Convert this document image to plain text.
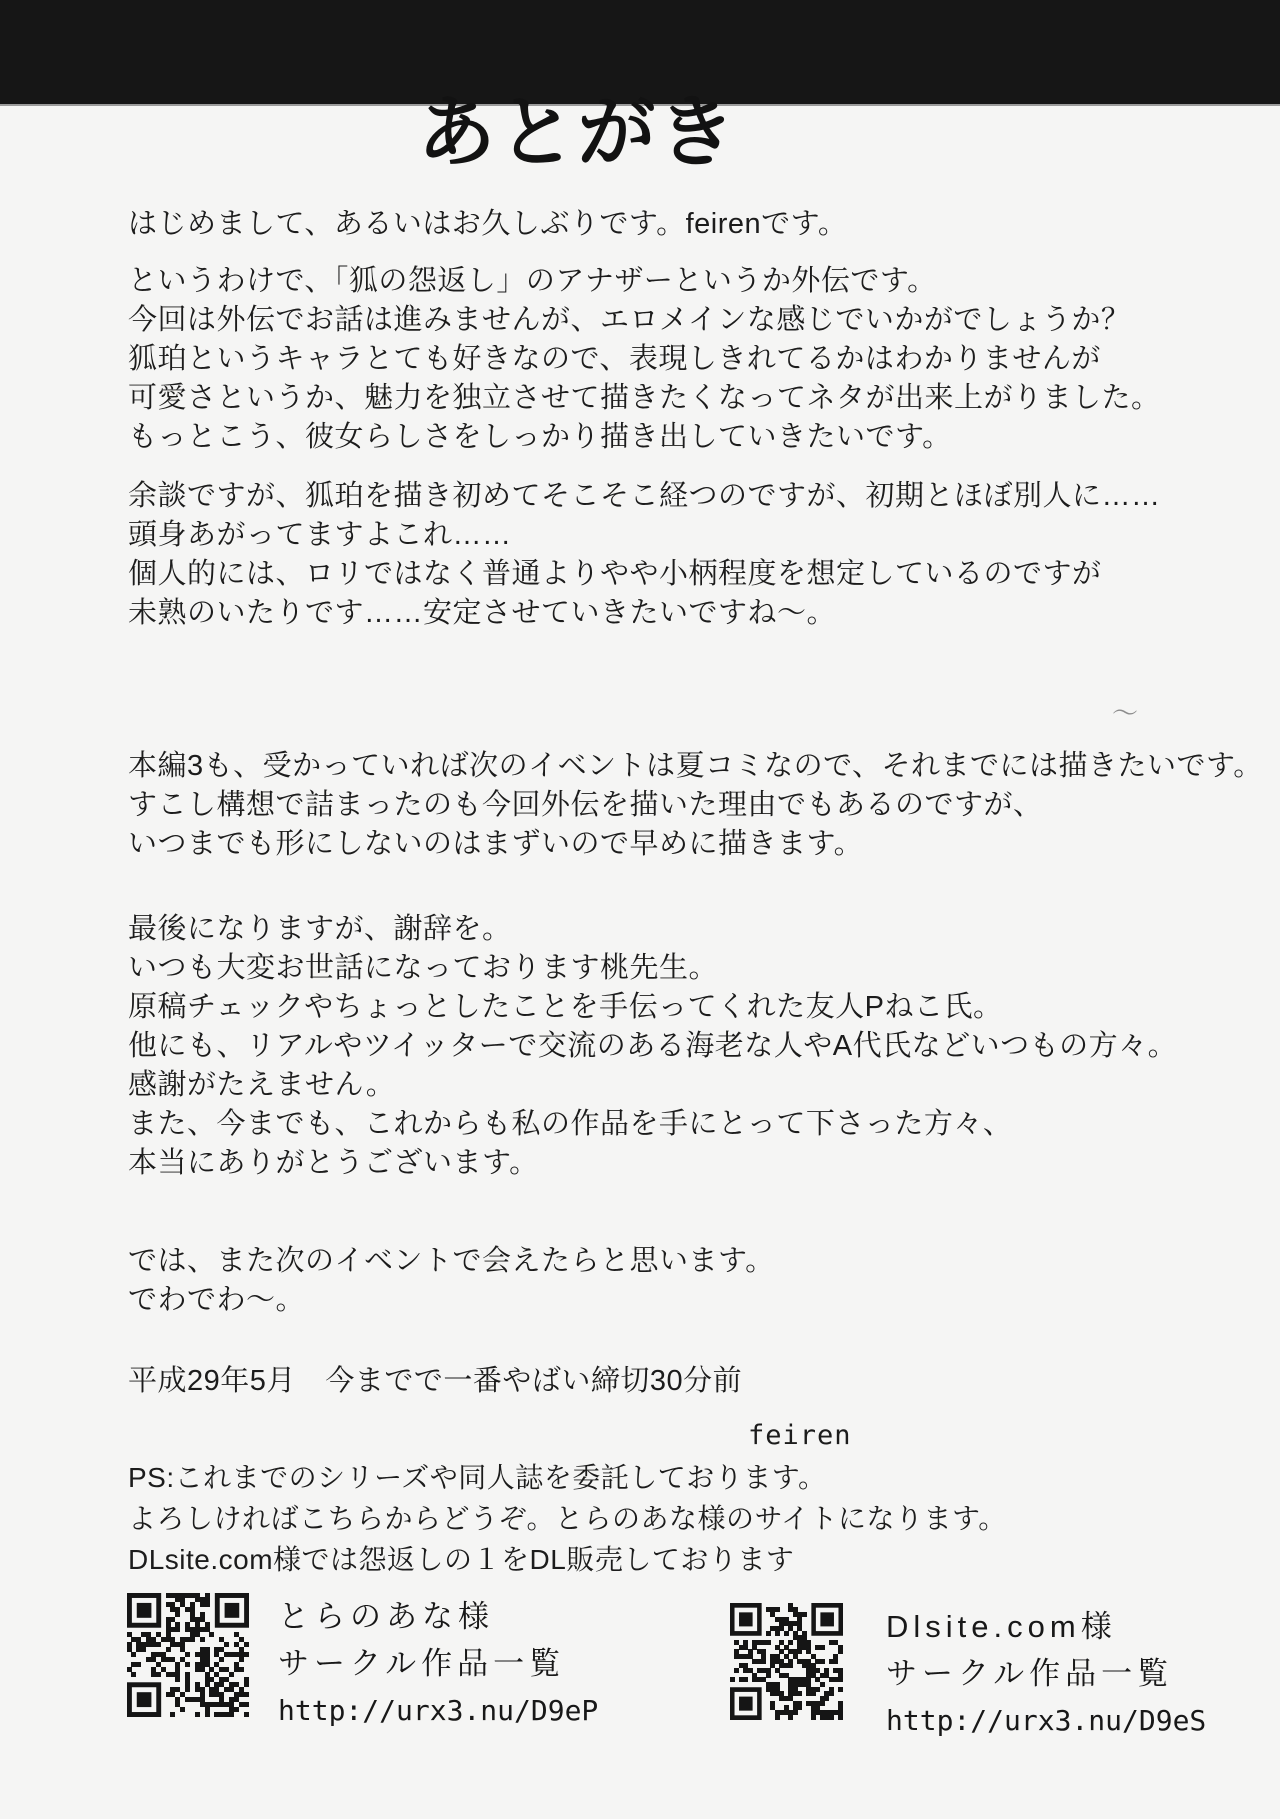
あとがき
はじめまして、あるいはお久しぶりです。feirenです。
というわけで、「狐の怨返し」のアナザーというか外伝です。
今回は外伝でお話は進みませんが、エロメインな感じでいかがでしょうか？
狐珀というキャラとても好きなので、表現しきれてるかはわかりませんが
可愛さというか、魅力を独立させて描きたくなってネタが出来上がりました。
もっとこう、彼女らしさをしっかり描き出していきたいです。
余談ですが、狐珀を描き初めてそこそこ経つのですが、初期とほぼ別人に……
頭身あがってますよこれ……
個人的には、ロリではなく普通よりやや小柄程度を想定しているのですが
未熟のいたりです……安定させていきたいですね〜。
〜
本編3も、受かっていれば次のイベントは夏コミなので、それまでには描きたいです。
すこし構想で詰まったのも今回外伝を描いた理由でもあるのですが、
いつまでも形にしないのはまずいので早めに描きます。
最後になりますが、謝辞を。
いつも大変お世話になっております桃先生。
原稿チェックやちょっとしたことを手伝ってくれた友人Pねこ氏。
他にも、リアルやツイッターで交流のある海老な人やA代氏などいつもの方々。
感謝がたえません。
また、今までも、これからも私の作品を手にとって下さった方々、
本当にありがとうございます。
では、また次のイベントで会えたらと思います。
でわでわ〜。
平成29年5月　今までで一番やばい締切30分前
feiren
PS:これまでのシリーズや同人誌を委託しております。
よろしければこちらからどうぞ。とらのあな様のサイトになります。
DLsite.com様では怨返しの１をDL販売しております
とらのあな様
サークル作品一覧
http://urx3.nu/D9eP
Dlsite.com様
サークル作品一覧
http://urx3.nu/D9eS
